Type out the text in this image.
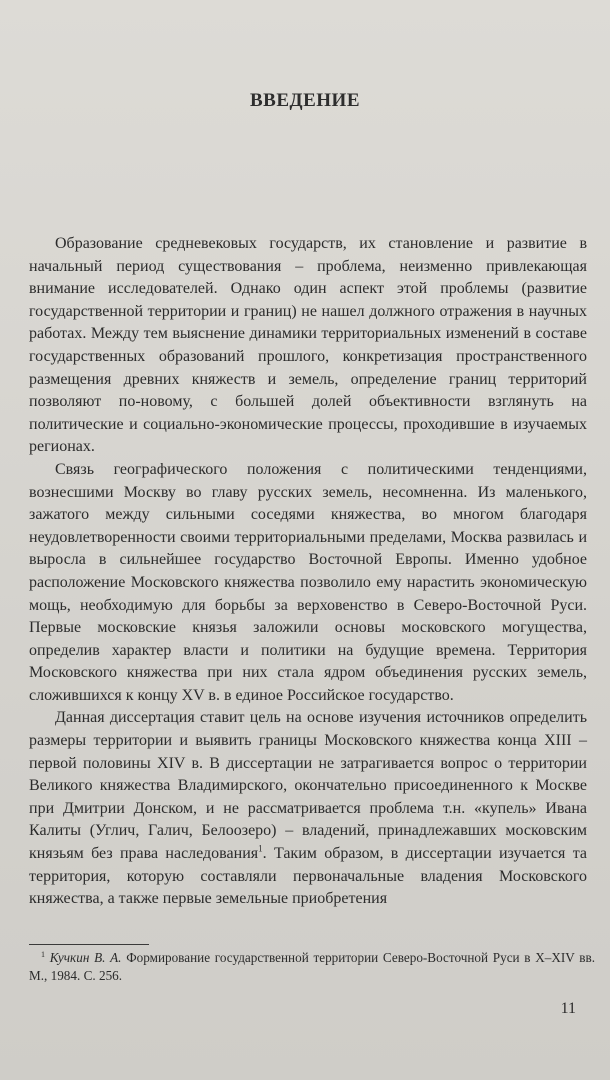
ВВЕДЕНИЕ

Образование средневековых государств, их становление и развитие в начальный период существования – проблема, неизменно привлекающая внимание исследователей. Однако один аспект этой проблемы (развитие государственной территории и границ) не нашел должного отражения в научных работах. Между тем выяснение динамики территориальных изменений в составе государственных образований прошлого, конкретизация пространственного размещения древних княжеств и земель, определение границ территорий позволяют по-новому, с большей долей объективности взглянуть на политические и социально-экономические процессы, проходившие в изучаемых регионах.

Связь географического положения с политическими тенденциями, вознесшими Москву во главу русских земель, несомненна. Из маленького, зажатого между сильными соседями княжества, во многом благодаря неудовлетворенности своими территориальными пределами, Москва развилась и выросла в сильнейшее государство Восточной Европы. Именно удобное расположение Московского княжества позволило ему нарастить экономическую мощь, необходимую для борьбы за верховенство в Северо-Восточной Руси. Первые московские князья заложили основы московского могущества, определив характер власти и политики на будущие времена. Территория Московского княжества при них стала ядром объединения русских земель, сложившихся к концу XV в. в единое Российское государство.

Данная диссертация ставит цель на основе изучения источников определить размеры территории и выявить границы Московского княжества конца XIII – первой половины XIV в. В диссертации не затрагивается вопрос о территории Великого княжества Владимирского, окончательно присоединенного к Москве при Дмитрии Донском, и не рассматривается проблема т.н. «купель» Ивана Калиты (Углич, Галич, Белоозеро) – владений, принадлежавших московским князьям без права наследования$^1$. Таким образом, в диссертации изучается та территория, которую составляли первоначальные владения Московского княжества, а также первые земельные приобретения

$^1$ Кучкин В. А. Формирование государственной территории Северо-Восточной Руси в X–XIV вв. М., 1984. С. 256.
11
